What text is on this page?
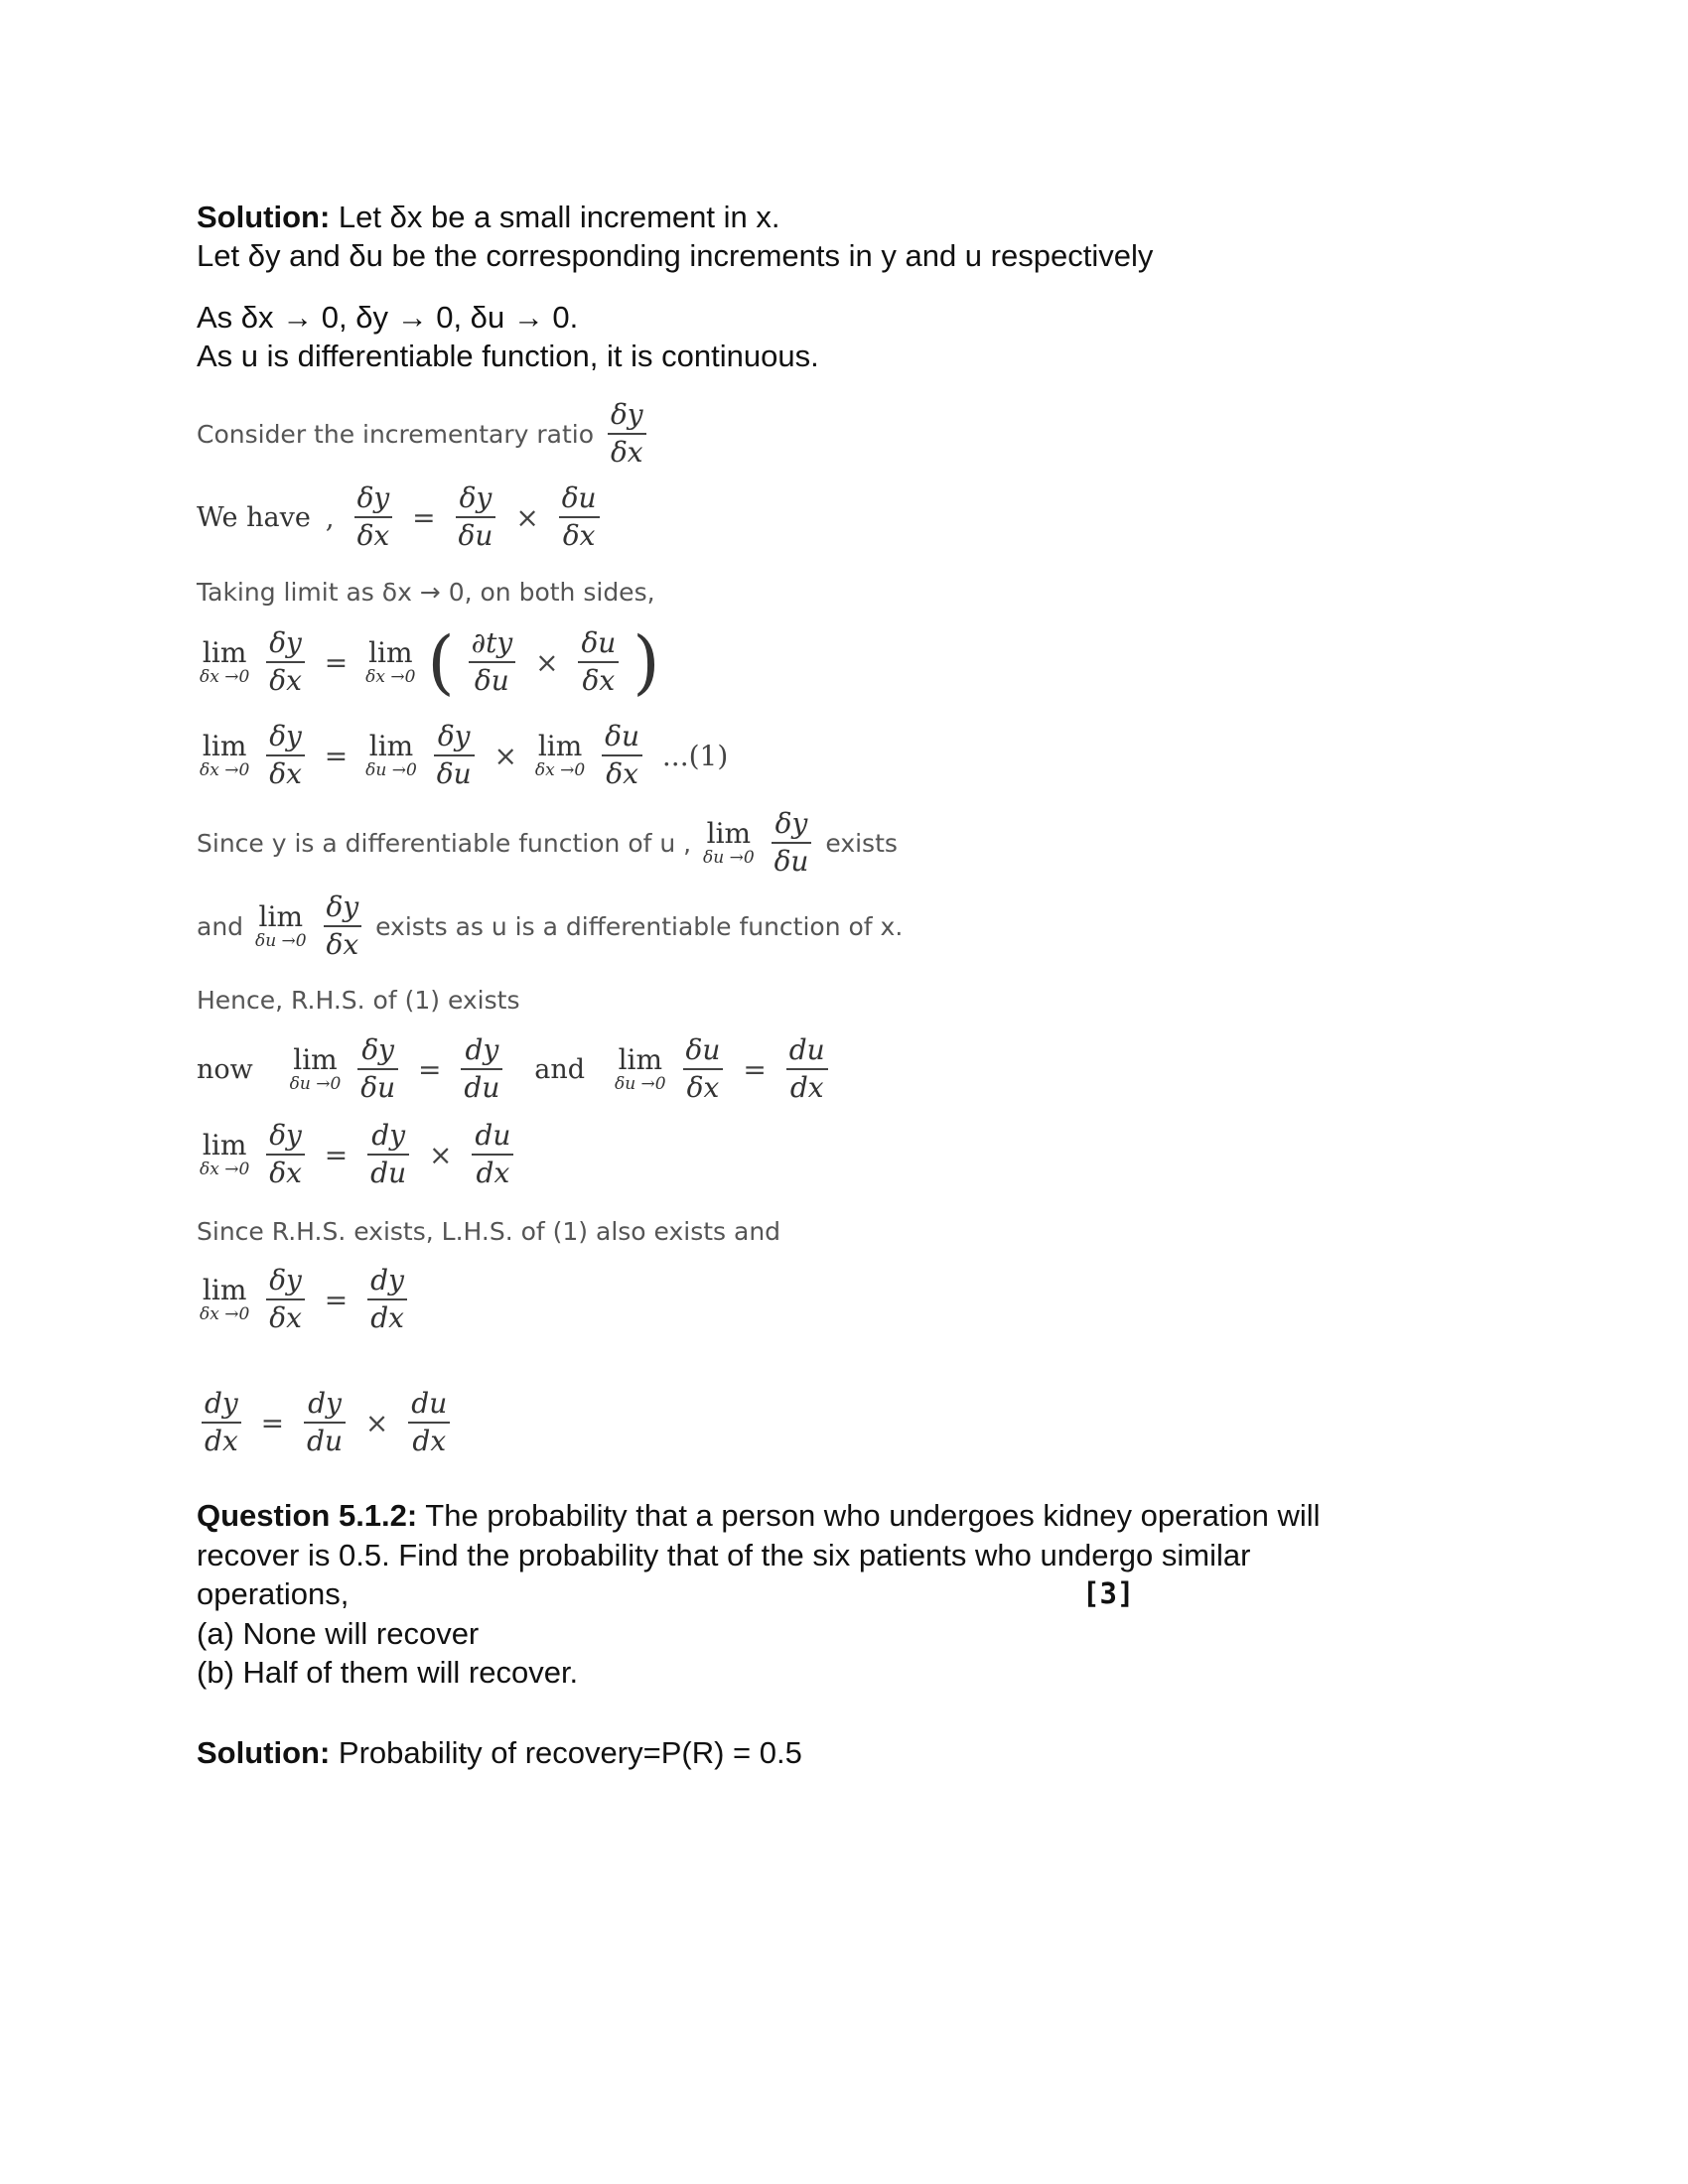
Solution: Let δx be a small increment in x.
Let δy and δu be the corresponding increments in y and u respectively
As δx → 0, δy → 0, δu → 0.
As u is differentiable function, it is continuous.
Consider the incrementary ratio $\frac{\delta y}{\delta x}$
We have , $\frac{\delta y}{\delta x} = \frac{\delta y}{\delta u} \times \frac{\delta u}{\delta x}$
Taking limit as δx → 0, on both sides,
lim
δx →0
$\frac{\delta y}{\delta x} = \lim$
δx →0 ( $\frac{\partial ty}{\delta u} \times \frac{\delta u}{\delta x}$ )
lim
δx →0
$\frac{\delta y}{\delta x} = \lim$
δu →0
$\frac{\delta y}{\delta u} \times \lim$
δx →0
$\frac{\delta u}{\delta x} ...(1)$
Since y is a differentiable function of u , lim
δu →0
$\frac{\delta y}{\delta u}$ exists
and lim
δu →0
$\frac{\delta y}{\delta x}$ exists as u is a differentiable function of x.
Hence, R.H.S. of (1) exists
now lim
δu →0
$\frac{\delta y}{\delta u} = \frac{dy}{du}$ and lim
δu →0
$\frac{\delta u}{\delta x} = \frac{du}{dx}$
lim
δx →0
$\frac{\delta y}{\delta x} = \frac{dy}{du} \times \frac{du}{dx}$
Since R.H.S. exists, L.H.S. of (1) also exists and
lim
δx →0
$\frac{\delta y}{\delta x} = \frac{dy}{dx}$
$\frac{dy}{dx} = \frac{dy}{du} \times \frac{du}{dx}$
Question 5.1.2: The probability that a person who undergoes kidney operation will
recover is 0.5. Find the probability that of the six patients who undergo similar
operations,	[3]
(a) None will recover
(b) Half of them will recover.
Solution: Probability of recovery=P(R) = 0.5
